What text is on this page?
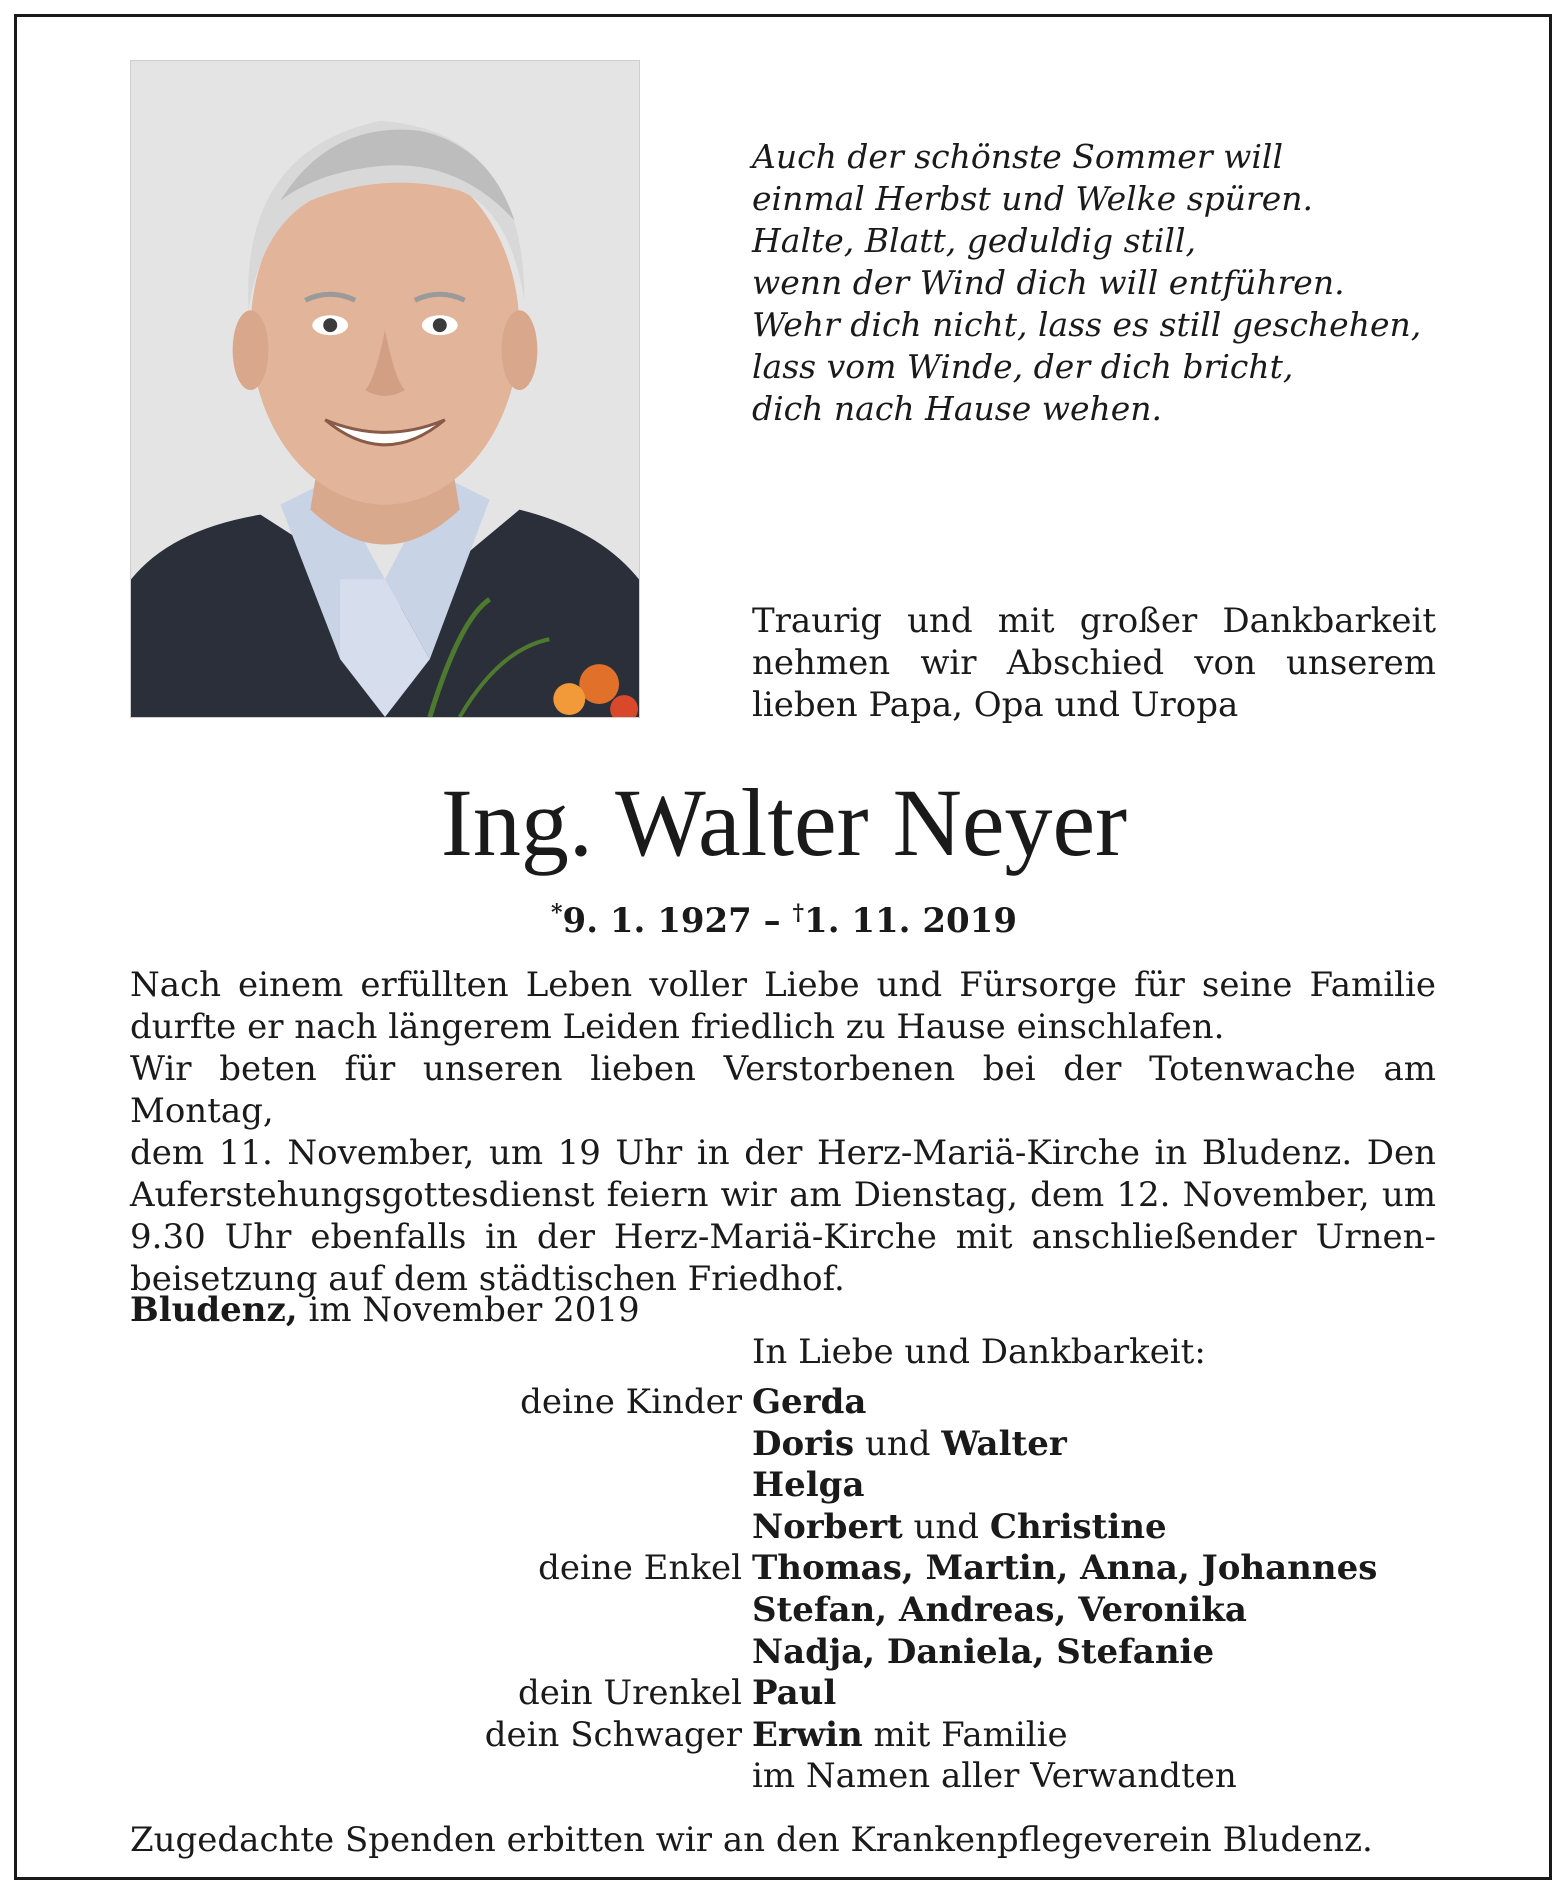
Auch der schönste Sommer will
einmal Herbst und Welke spüren.
Halte, Blatt, geduldig still,
wenn der Wind dich will entführen.
Wehr dich nicht, lass es still geschehen,
lass vom Winde, der dich bricht,
dich nach Hause wehen.
Traurig und mit großer Dankbarkeit
nehmen wir Abschied von unserem
lieben Papa, Opa und Uropa
Ing. Walter Neyer
*9. 1. 1927 – †1. 11. 2019
Nach einem erfüllten Leben voller Liebe und Fürsorge für seine Familie
durfte er nach längerem Leiden friedlich zu Hause einschlafen.
Wir beten für unseren lieben Verstorbenen bei der Totenwache am Montag,
dem 11. November, um 19 Uhr in der Herz-Mariä-Kirche in Bludenz. Den
Auferstehungsgottesdienst feiern wir am Dienstag, dem 12. November, um
9.30 Uhr ebenfalls in der Herz-Mariä-Kirche mit anschließender Urnen-
beisetzung auf dem städtischen Friedhof.
Bludenz, im November 2019
In Liebe und Dankbarkeit:
deine Kinder Gerda
Doris und Walter
Helga
Norbert und Christine
deine Enkel Thomas, Martin, Anna, Johannes
Stefan, Andreas, Veronika
Nadja, Daniela, Stefanie
dein Urenkel Paul
dein Schwager Erwin mit Familie
im Namen aller Verwandten
Zugedachte Spenden erbitten wir an den Krankenpflegeverein Bludenz.
